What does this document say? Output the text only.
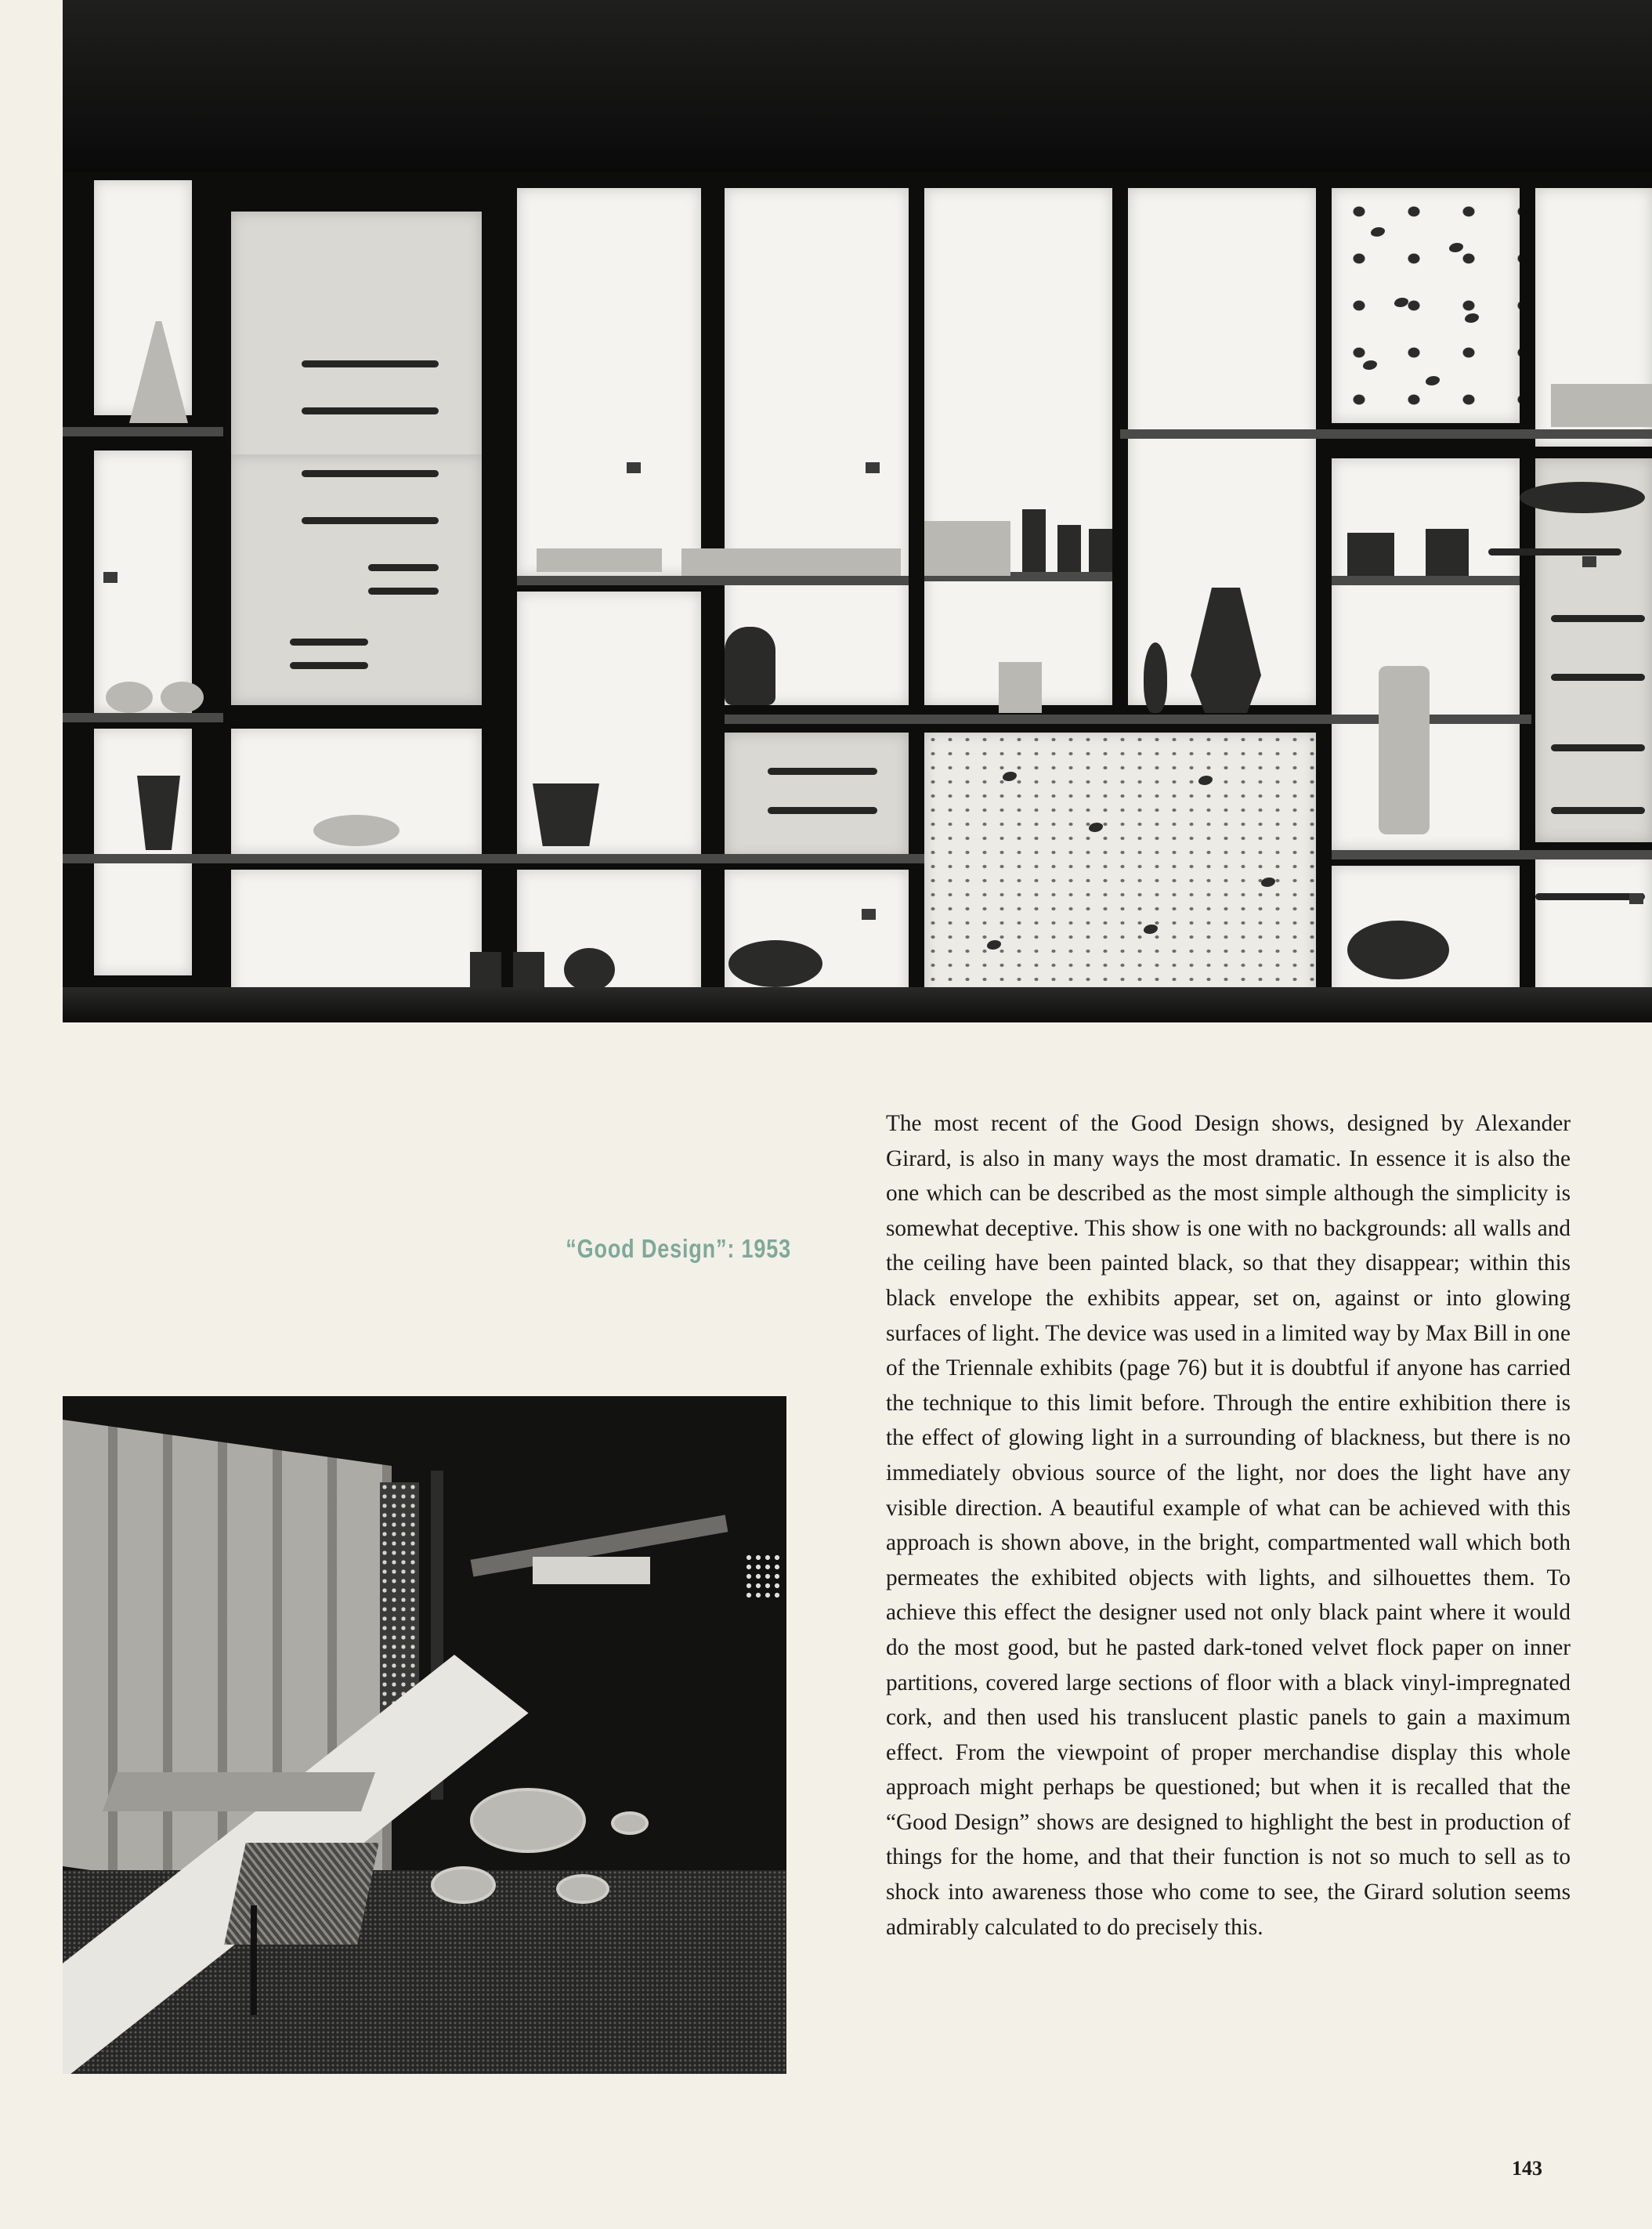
“Good Design”: 1953

The most recent of the Good Design shows, designed by Alexander Girard, is also in many ways the most dramatic. In essence it is also the one which can be described as the most simple although the simplicity is somewhat deceptive. This show is one with no backgrounds: all walls and the ceiling have been painted black, so that they disappear; within this black envelope the exhibits appear, set on, against or into glowing surfaces of light. The device was used in a limited way by Max Bill in one of the Triennale exhibits (page 76) but it is doubtful if anyone has carried the technique to this limit before. Through the entire exhibition there is the effect of glowing light in a surrounding of blackness, but there is no immediately obvious source of the light, nor does the light have any visible direction. A beautiful example of what can be achieved with this approach is shown above, in the bright, compartmented wall which both permeates the exhibited objects with lights, and silhouettes them. To achieve this effect the designer used not only black paint where it would do the most good, but he pasted dark-toned velvet flock paper on inner partitions, covered large sections of floor with a black vinyl-impregnated cork, and then used his translucent plastic panels to gain a maximum effect. From the viewpoint of proper merchandise display this whole approach might perhaps be questioned; but when it is recalled that the “Good Design” shows are designed to highlight the best in production of things for the home, and that their function is not so much to sell as to shock into awareness those who come to see, the Girard solution seems admirably calculated to do precisely this.

143
